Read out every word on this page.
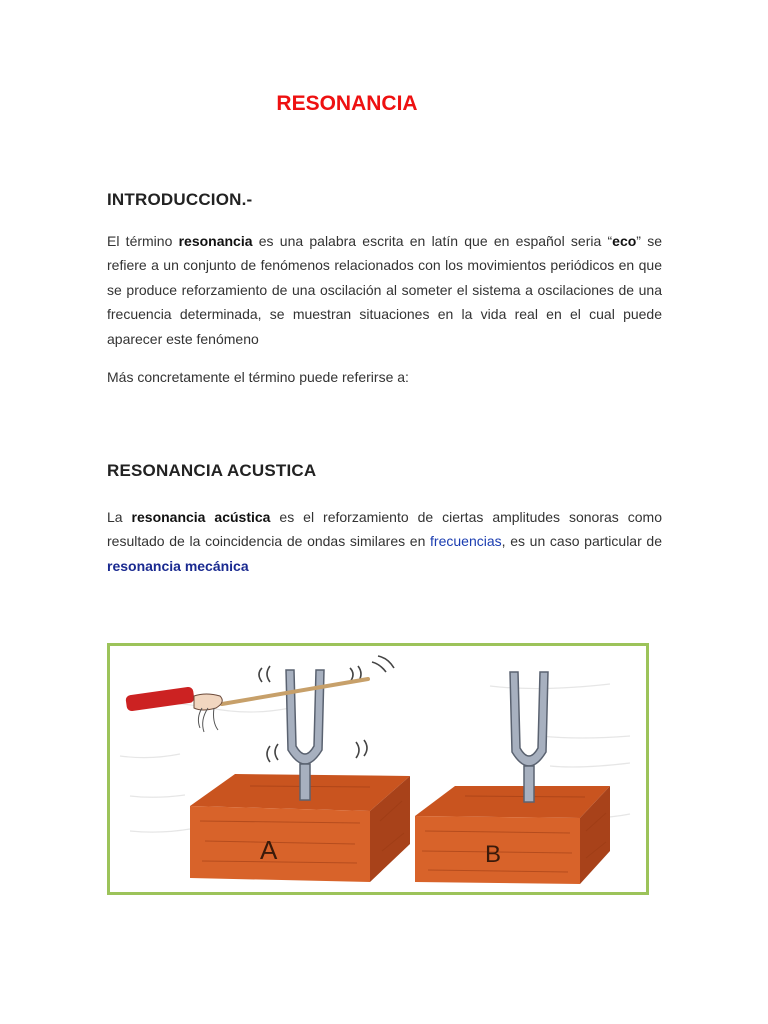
RESONANCIA
INTRODUCCION.-
El término resonancia es una palabra escrita en latín que en español seria “eco” se refiere a un conjunto de fenómenos relacionados con los movimientos periódicos en que se produce reforzamiento de una oscilación al someter el sistema a oscilaciones de una frecuencia determinada, se muestran situaciones en la vida real en el cual puede aparecer este fenómeno
Más concretamente el término puede referirse a:
RESONANCIA ACUSTICA
La resonancia acústica es el reforzamiento de ciertas amplitudes sonoras como resultado de la coincidencia de ondas similares en frecuencias, es un caso particular de resonancia mecánica
A	B
